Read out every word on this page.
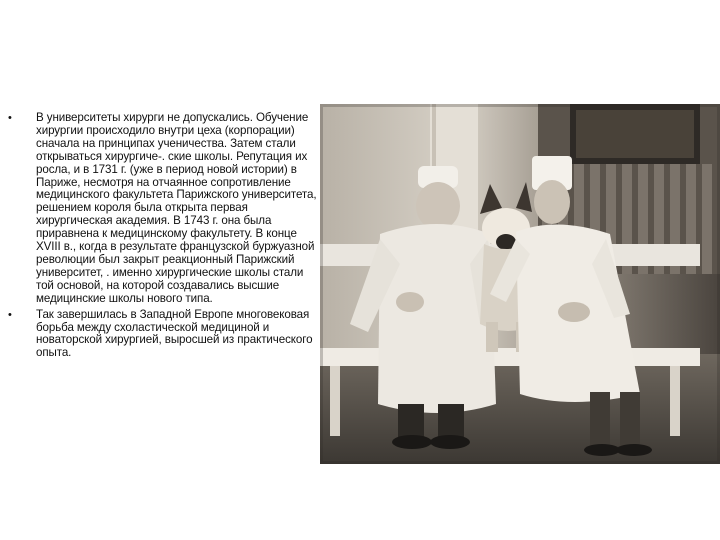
• В университеты хирурги не допускались. Обучение хирургии происходило внутри цеха (корпорации) сначала на принципах ученичества. Затем стали открываться хирургиче-. ские школы. Репутация их росла, и в 1731 г. (уже в период новой истории) в Париже, несмотря на отчаянное сопротивление медицинского факультета Парижского университета, решением короля была открыта первая хирургическая академия. В 1743 г. она была приравнена к медицинскому факультету. В конце XVIII в., когда в результате французской буржуазной революции был закрыт реакционный Парижский университет, . именно хирургические школы стали той основой, на которой создавались высшие медицинские школы нового типа.
• Так завершилась в Западной Европе многовековая борьба между схоластической медициной и новаторской хирургией, выросшей из практического опыта.
